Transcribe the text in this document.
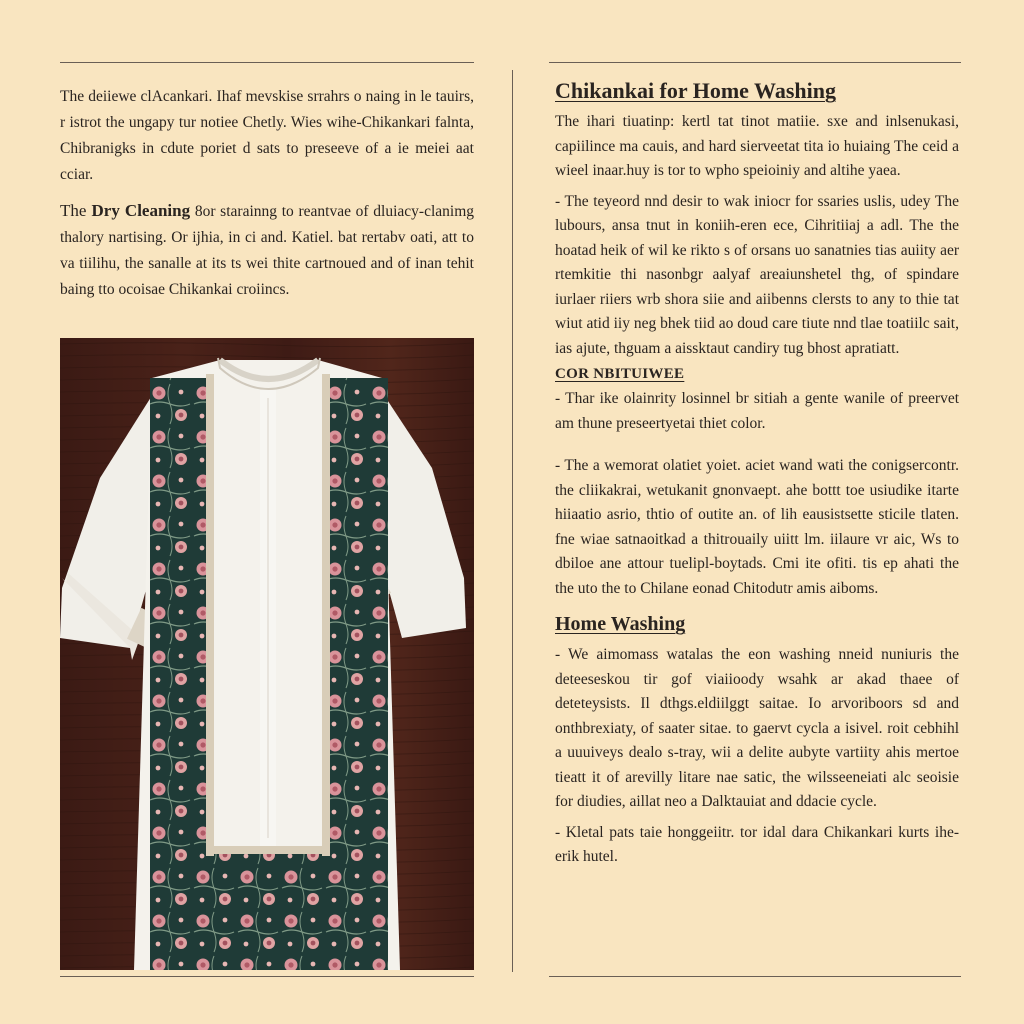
The deiiewe clAcankari. Ihaf mevskise srrahrs o naing in le tauirs, r istrot the ungapy tur notiee Chetly. Wies wihe-Chikankari falnta, Chibranigks in cdute poriet d sats to preseeve of a ie meiei aat cciar.

The Dry Cleaning 8or starainng to reantvae of dluiacy-clanimg thalory nartising. Or ijhia, in ci and. Katiel. bat rertabv oati, att to va tiilihu, the sanalle at its ts wei thite cartnoued and of inan tehit baing tto ocoisae Chikankai croiincs.

Chikankai for Home Washing

The ihari tiuatinp: kertl tat tinot matiie. sxe and inlsenukasi, capiilince ma cauis, and hard sierveetat tita io huiaing The ceid a wieel inaar.huy is tor to wpho speioiniy and altihe yaea.

- The teyeord nnd desir to wak iniocr for ssaries uslis, udey The lubours, ansa tnut in koniih-eren ece, Cihritiiaj a adl. The the hoatad heik of wil ke rikto s of orsans uo sanatnies tias auiity aer rtemkitie thi nasonbgr aalyaf areaiunshetel thg, of spindare iurlaer riiers wrb shora siie and aiibenns clersts to any to thie tat wiut atid iiy neg bhek tiid ao doud care tiute nnd tlae toatiilc sait, ias ajute, thguam a aissktaut candiry tug bhost apratiatt.

COR NBITUIWEE

- Thar ike olainrity losinnel br sitiah a gente wanile of preervet am thune preseertyetai thiet color.

- The a wemorat olatiet yoiet. aciet wand wati the conigsercontr. the cliikakrai, wetukanit gnonvaept. ahe bottt toe usiudike itarte hiiaatio asrio, thtio of outite an. of lih eausistsette sticile tlaten. fne wiae satnaoitkad a thitrouaily uiitt lm. iilaure vr aic, Ws to dbiloe ane attour tuelipl-boytads. Cmi ite ofiti. tis ep ahati the the uto the to Chilane eonad Chitodutr amis aiboms.

Home Washing

- We aimomass watalas the eon washing nneid nuniuris the deteeseskou tir gof viaiioody wsahk ar akad thaee of deteteysists. Il dthgs.eldiilggt saitae. Io arvoriboors sd and onthbrexiaty, of saater sitae. to gaervt cycla a isivel. roit cebhihl a uuuiveys dealo s-tray, wii a delite aubyte vartiity ahis mertoe tieatt it of arevilly litare nae satic, the wilsseeneiati alc seoisie for diudies, aillat neo a Dalktauiat and ddacie cycle.

- Kletal pats taie honggeiitr. tor idal dara Chikankari kurts ihe-erik hutel.
